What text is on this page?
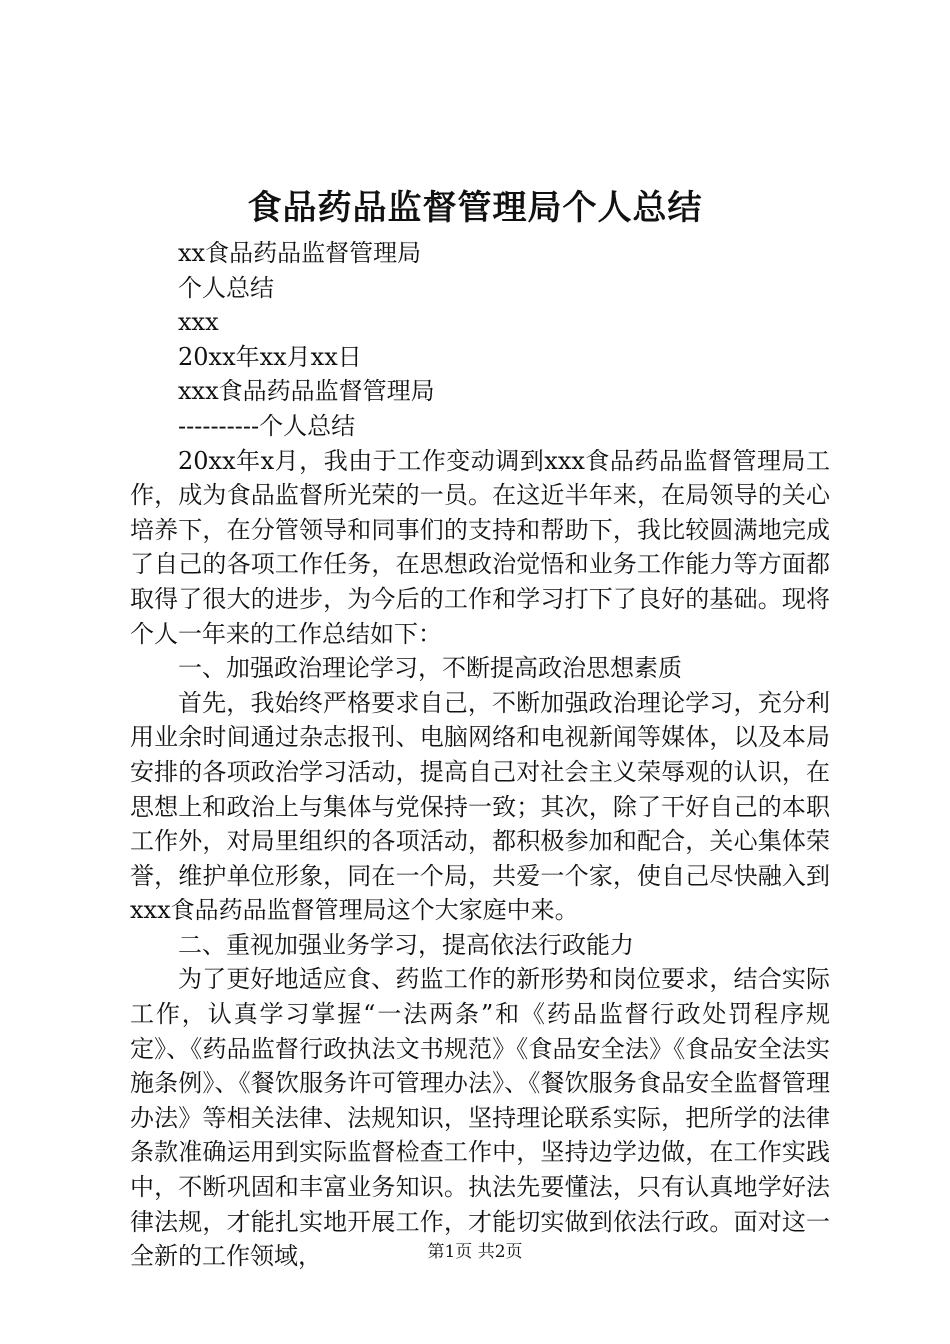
食品药品监督管理局个人总结

xx食品药品监督管理局

个人总结

xxx

20xx年xx月xx日

xxx食品药品监督管理局

----------个人总结

20xx年x月，我由于工作变动调到xxx食品药品监督管理局工作，成为食品监督所光荣的一员。在这近半年来，在局领导的关心培养下，在分管领导和同事们的支持和帮助下，我比较圆满地完成了自己的各项工作任务，在思想政治觉悟和业务工作能力等方面都取得了很大的进步，为今后的工作和学习打下了良好的基础。现将个人一年来的工作总结如下：

一、加强政治理论学习，不断提高政治思想素质

首先，我始终严格要求自己，不断加强政治理论学习，充分利用业余时间通过杂志报刊、电脑网络和电视新闻等媒体，以及本局安排的各项政治学习活动，提高自己对社会主义荣辱观的认识，在思想上和政治上与集体与党保持一致；其次，除了干好自己的本职工作外，对局里组织的各项活动，都积极参加和配合，关心集体荣誉，维护单位形象，同在一个局，共爱一个家，使自己尽快融入到xxx食品药品监督管理局这个大家庭中来。

二、重视加强业务学习，提高依法行政能力

为了更好地适应食、药监工作的新形势和岗位要求，结合实际工作，认真学习掌握“一法两条”和《药品监督行政处罚程序规定》、《药品监督行政执法文书规范》《食品安全法》《食品安全法实施条例》、《餐饮服务许可管理办法》、《餐饮服务食品安全监督管理办法》等相关法律、法规知识，坚持理论联系实际，把所学的法律条款准确运用到实际监督检查工作中，坚持边学边做，在工作实践中，不断巩固和丰富业务知识。执法先要懂法，只有认真地学好法律法规，才能扎实地开展工作，才能切实做到依法行政。面对这一全新的工作领域，	第1页 共2页
